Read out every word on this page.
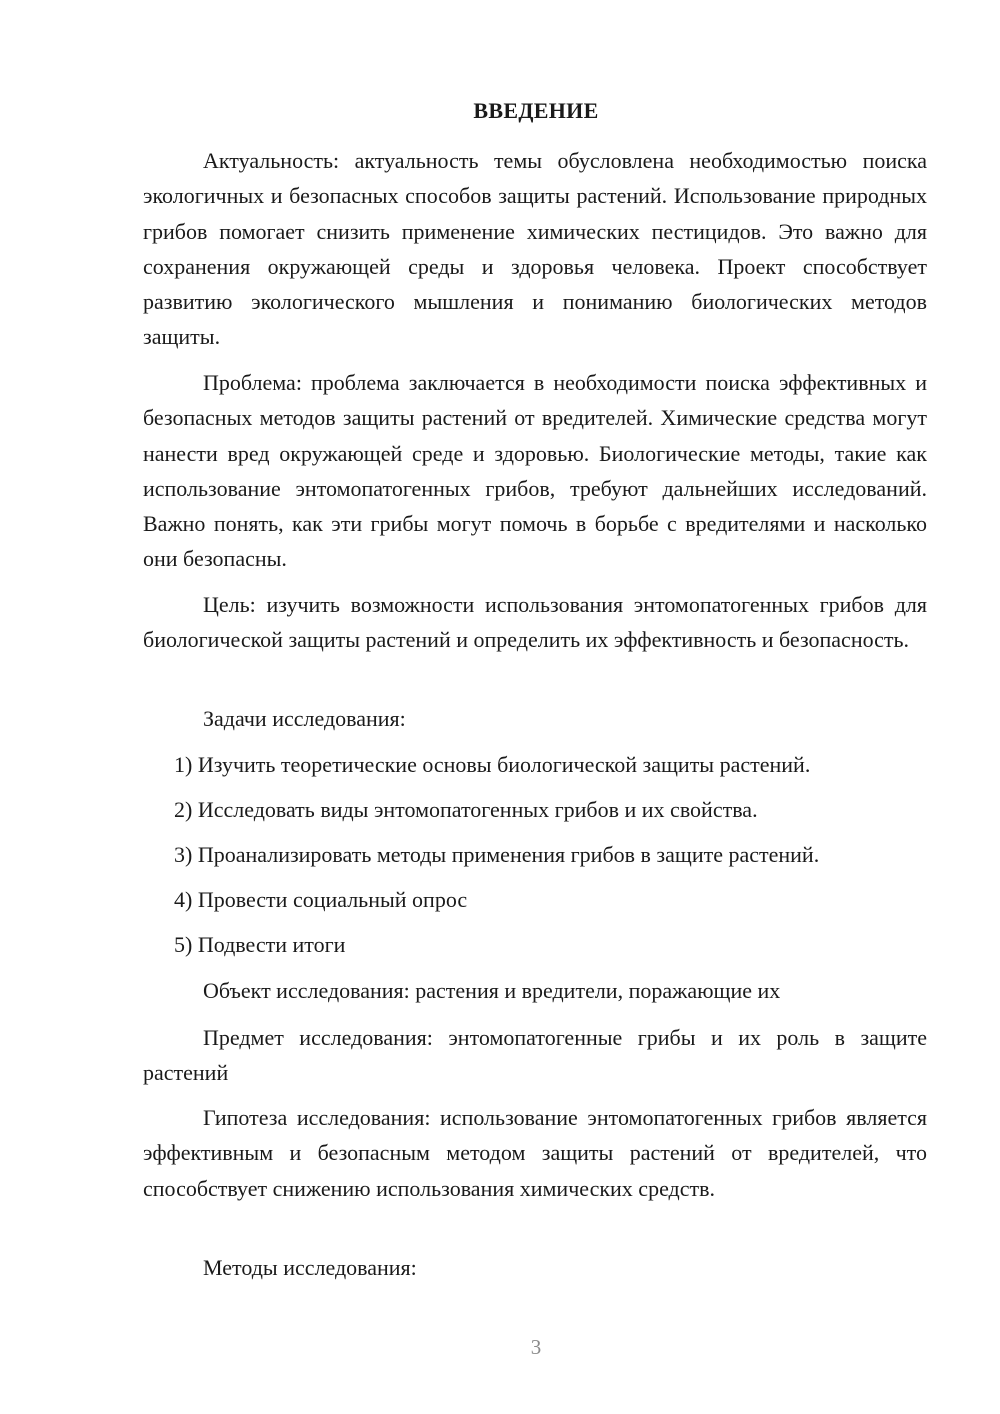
ВВЕДЕНИЕ

Актуальность: актуальность темы обусловлена необходимостью поиска экологичных и безопасных способов защиты растений. Использование природных грибов помогает снизить применение химических пестицидов. Это важно для сохранения окружающей среды и здоровья человека. Проект способствует развитию экологического мышления и пониманию биологических методов защиты.

Проблема: проблема заключается в необходимости поиска эффективных и безопасных методов защиты растений от вредителей. Химические средства могут нанести вред окружающей среде и здоровью. Биологические методы, такие как использование энтомопатогенных грибов, требуют дальнейших исследований. Важно понять, как эти грибы могут помочь в борьбе с вредителями и насколько они безопасны.

Цель: изучить возможности использования энтомопатогенных грибов для биологической защиты растений и определить их эффективность и безопасность.

Задачи исследования:

1) Изучить теоретические основы биологической защиты растений.

2) Исследовать виды энтомопатогенных грибов и их свойства.

3) Проанализировать методы применения грибов в защите растений.

4) Провести социальный опрос

5) Подвести итоги

Объект исследования: растения и вредители, поражающие их

Предмет исследования: энтомопатогенные грибы и их роль в защите растений

Гипотеза исследования: использование энтомопатогенных грибов является эффективным и безопасным методом защиты растений от вредителей, что способствует снижению использования химических средств.

Методы исследования:

3
